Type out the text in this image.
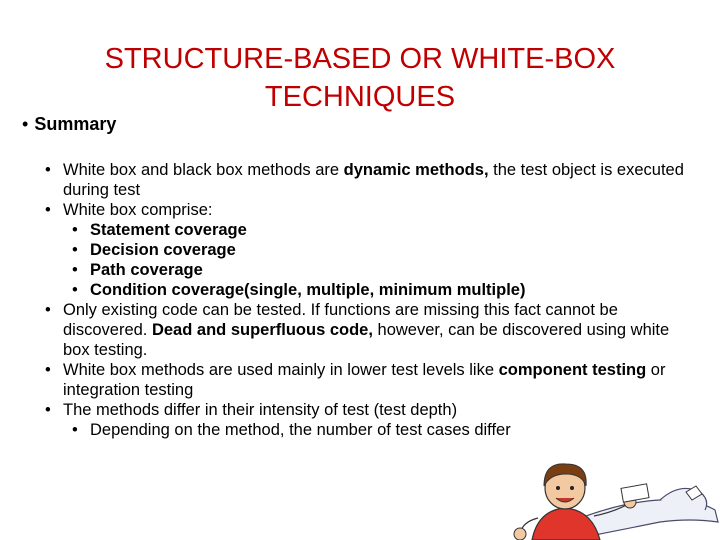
STRUCTURE-BASED OR WHITE-BOX
TECHNIQUES
• Summary
• White box and black box methods are dynamic methods, the test object is executed during test
• White box comprise:
• Statement coverage
• Decision coverage
• Path coverage
• Condition coverage(single, multiple, minimum multiple)
• Only existing code can be tested. If functions are missing this fact cannot be discovered. Dead and superfluous code, however, can be discovered using white box testing.
• White box methods are used mainly in lower test levels like component testing or integration testing
• The methods differ in their intensity of test (test depth)
• Depending on the method, the number of test cases differ
